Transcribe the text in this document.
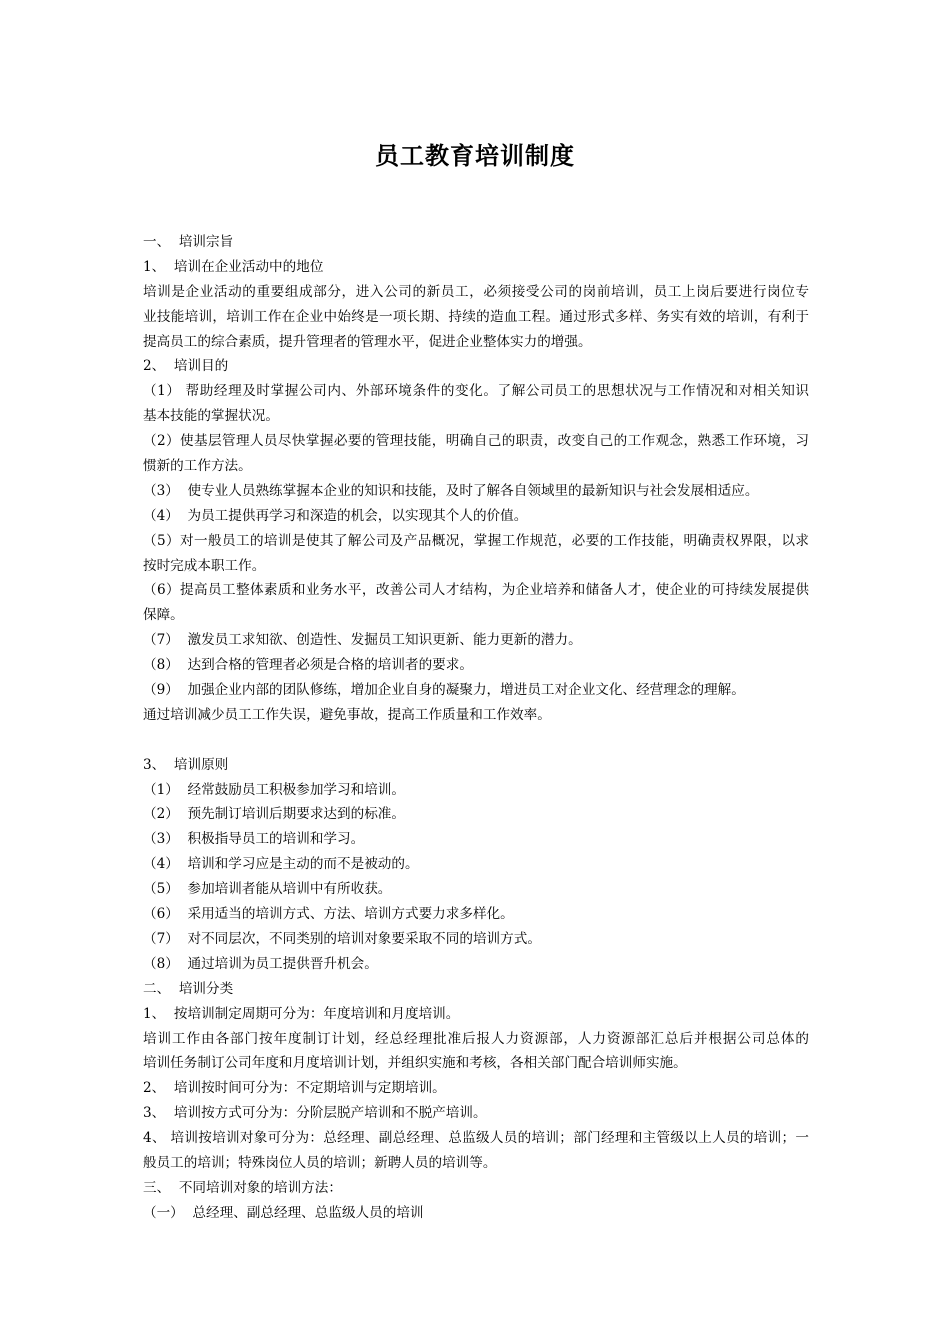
员工教育培训制度
一、  培训宗旨
1、  培训在企业活动中的地位
培训是企业活动的重要组成部分，进入公司的新员工，必须接受公司的岗前培训，员工上岗后要进行岗位专
业技能培训，培训工作在企业中始终是一项长期、持续的造血工程。通过形式多样、务实有效的培训，有利于
提高员工的综合素质，提升管理者的管理水平，促进企业整体实力的增强。
2、  培训目的
（1） 帮助经理及时掌握公司内、外部环境条件的变化。了解公司员工的思想状况与工作情况和对相关知识
基本技能的掌握状况。
（2）使基层管理人员尽快掌握必要的管理技能，明确自己的职责，改变自己的工作观念，熟悉工作环境，习
惯新的工作方法。
（3）  使专业人员熟练掌握本企业的知识和技能，及时了解各自领域里的最新知识与社会发展相适应。
（4）  为员工提供再学习和深造的机会，以实现其个人的价值。
（5）对一般员工的培训是使其了解公司及产品概况，掌握工作规范，必要的工作技能，明确责权界限，以求
按时完成本职工作。
（6）提高员工整体素质和业务水平，改善公司人才结构，为企业培养和储备人才，使企业的可持续发展提供
保障。
（7）  激发员工求知欲、创造性、发掘员工知识更新、能力更新的潜力。
（8）  达到合格的管理者必须是合格的培训者的要求。
（9）  加强企业内部的团队修练，增加企业自身的凝聚力，增进员工对企业文化、经营理念的理解。
通过培训减少员工工作失误，避免事故，提高工作质量和工作效率。
3、  培训原则
（1）  经常鼓励员工积极参加学习和培训。
（2）  预先制订培训后期要求达到的标准。
（3）  积极指导员工的培训和学习。
（4）  培训和学习应是主动的而不是被动的。
（5）  参加培训者能从培训中有所收获。
（6）  采用适当的培训方式、方法、培训方式要力求多样化。
（7）  对不同层次，不同类别的培训对象要采取不同的培训方式。
（8）  通过培训为员工提供晋升机会。
二、  培训分类
1、  按培训制定周期可分为：年度培训和月度培训。
培训工作由各部门按年度制订计划，经总经理批准后报人力资源部，人力资源部汇总后并根据公司总体的
培训任务制订公司年度和月度培训计划，并组织实施和考核，各相关部门配合培训师实施。
2、  培训按时间可分为：不定期培训与定期培训。
3、  培训按方式可分为：分阶层脱产培训和不脱产培训。
4、 培训按培训对象可分为：总经理、副总经理、总监级人员的培训；部门经理和主管级以上人员的培训；一
般员工的培训；特殊岗位人员的培训；新聘人员的培训等。
三、  不同培训对象的培训方法：
（一）  总经理、副总经理、总监级人员的培训
